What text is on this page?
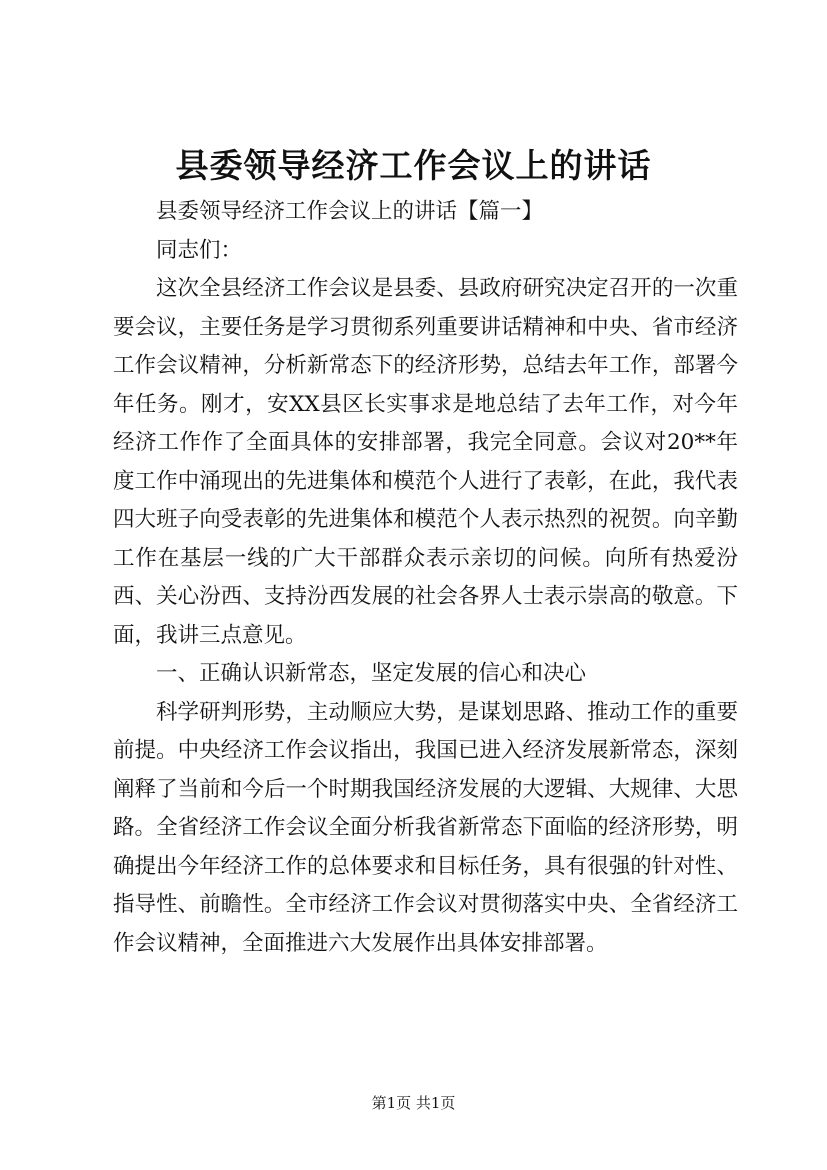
县委领导经济工作会议上的讲话

县委领导经济工作会议上的讲话【篇一】

同志们：

这次全县经济工作会议是县委、县政府研究决定召开的一次重要会议，主要任务是学习贯彻系列重要讲话精神和中央、省市经济工作会议精神，分析新常态下的经济形势，总结去年工作，部署今年任务。刚才，安XX县区长实事求是地总结了去年工作，对今年经济工作作了全面具体的安排部署，我完全同意。会议对20**年度工作中涌现出的先进集体和模范个人进行了表彰，在此，我代表四大班子向受表彰的先进集体和模范个人表示热烈的祝贺。向辛勤工作在基层一线的广大干部群众表示亲切的问候。向所有热爱汾西、关心汾西、支持汾西发展的社会各界人士表示崇高的敬意。下面，我讲三点意见。

一、正确认识新常态，坚定发展的信心和决心

科学研判形势，主动顺应大势，是谋划思路、推动工作的重要前提。中央经济工作会议指出，我国已进入经济发展新常态，深刻阐释了当前和今后一个时期我国经济发展的大逻辑、大规律、大思路。全省经济工作会议全面分析我省新常态下面临的经济形势，明确提出今年经济工作的总体要求和目标任务，具有很强的针对性、指导性、前瞻性。全市经济工作会议对贯彻落实中央、全省经济工作会议精神，全面推进六大发展作出具体安排部署。

第1页 共1页
